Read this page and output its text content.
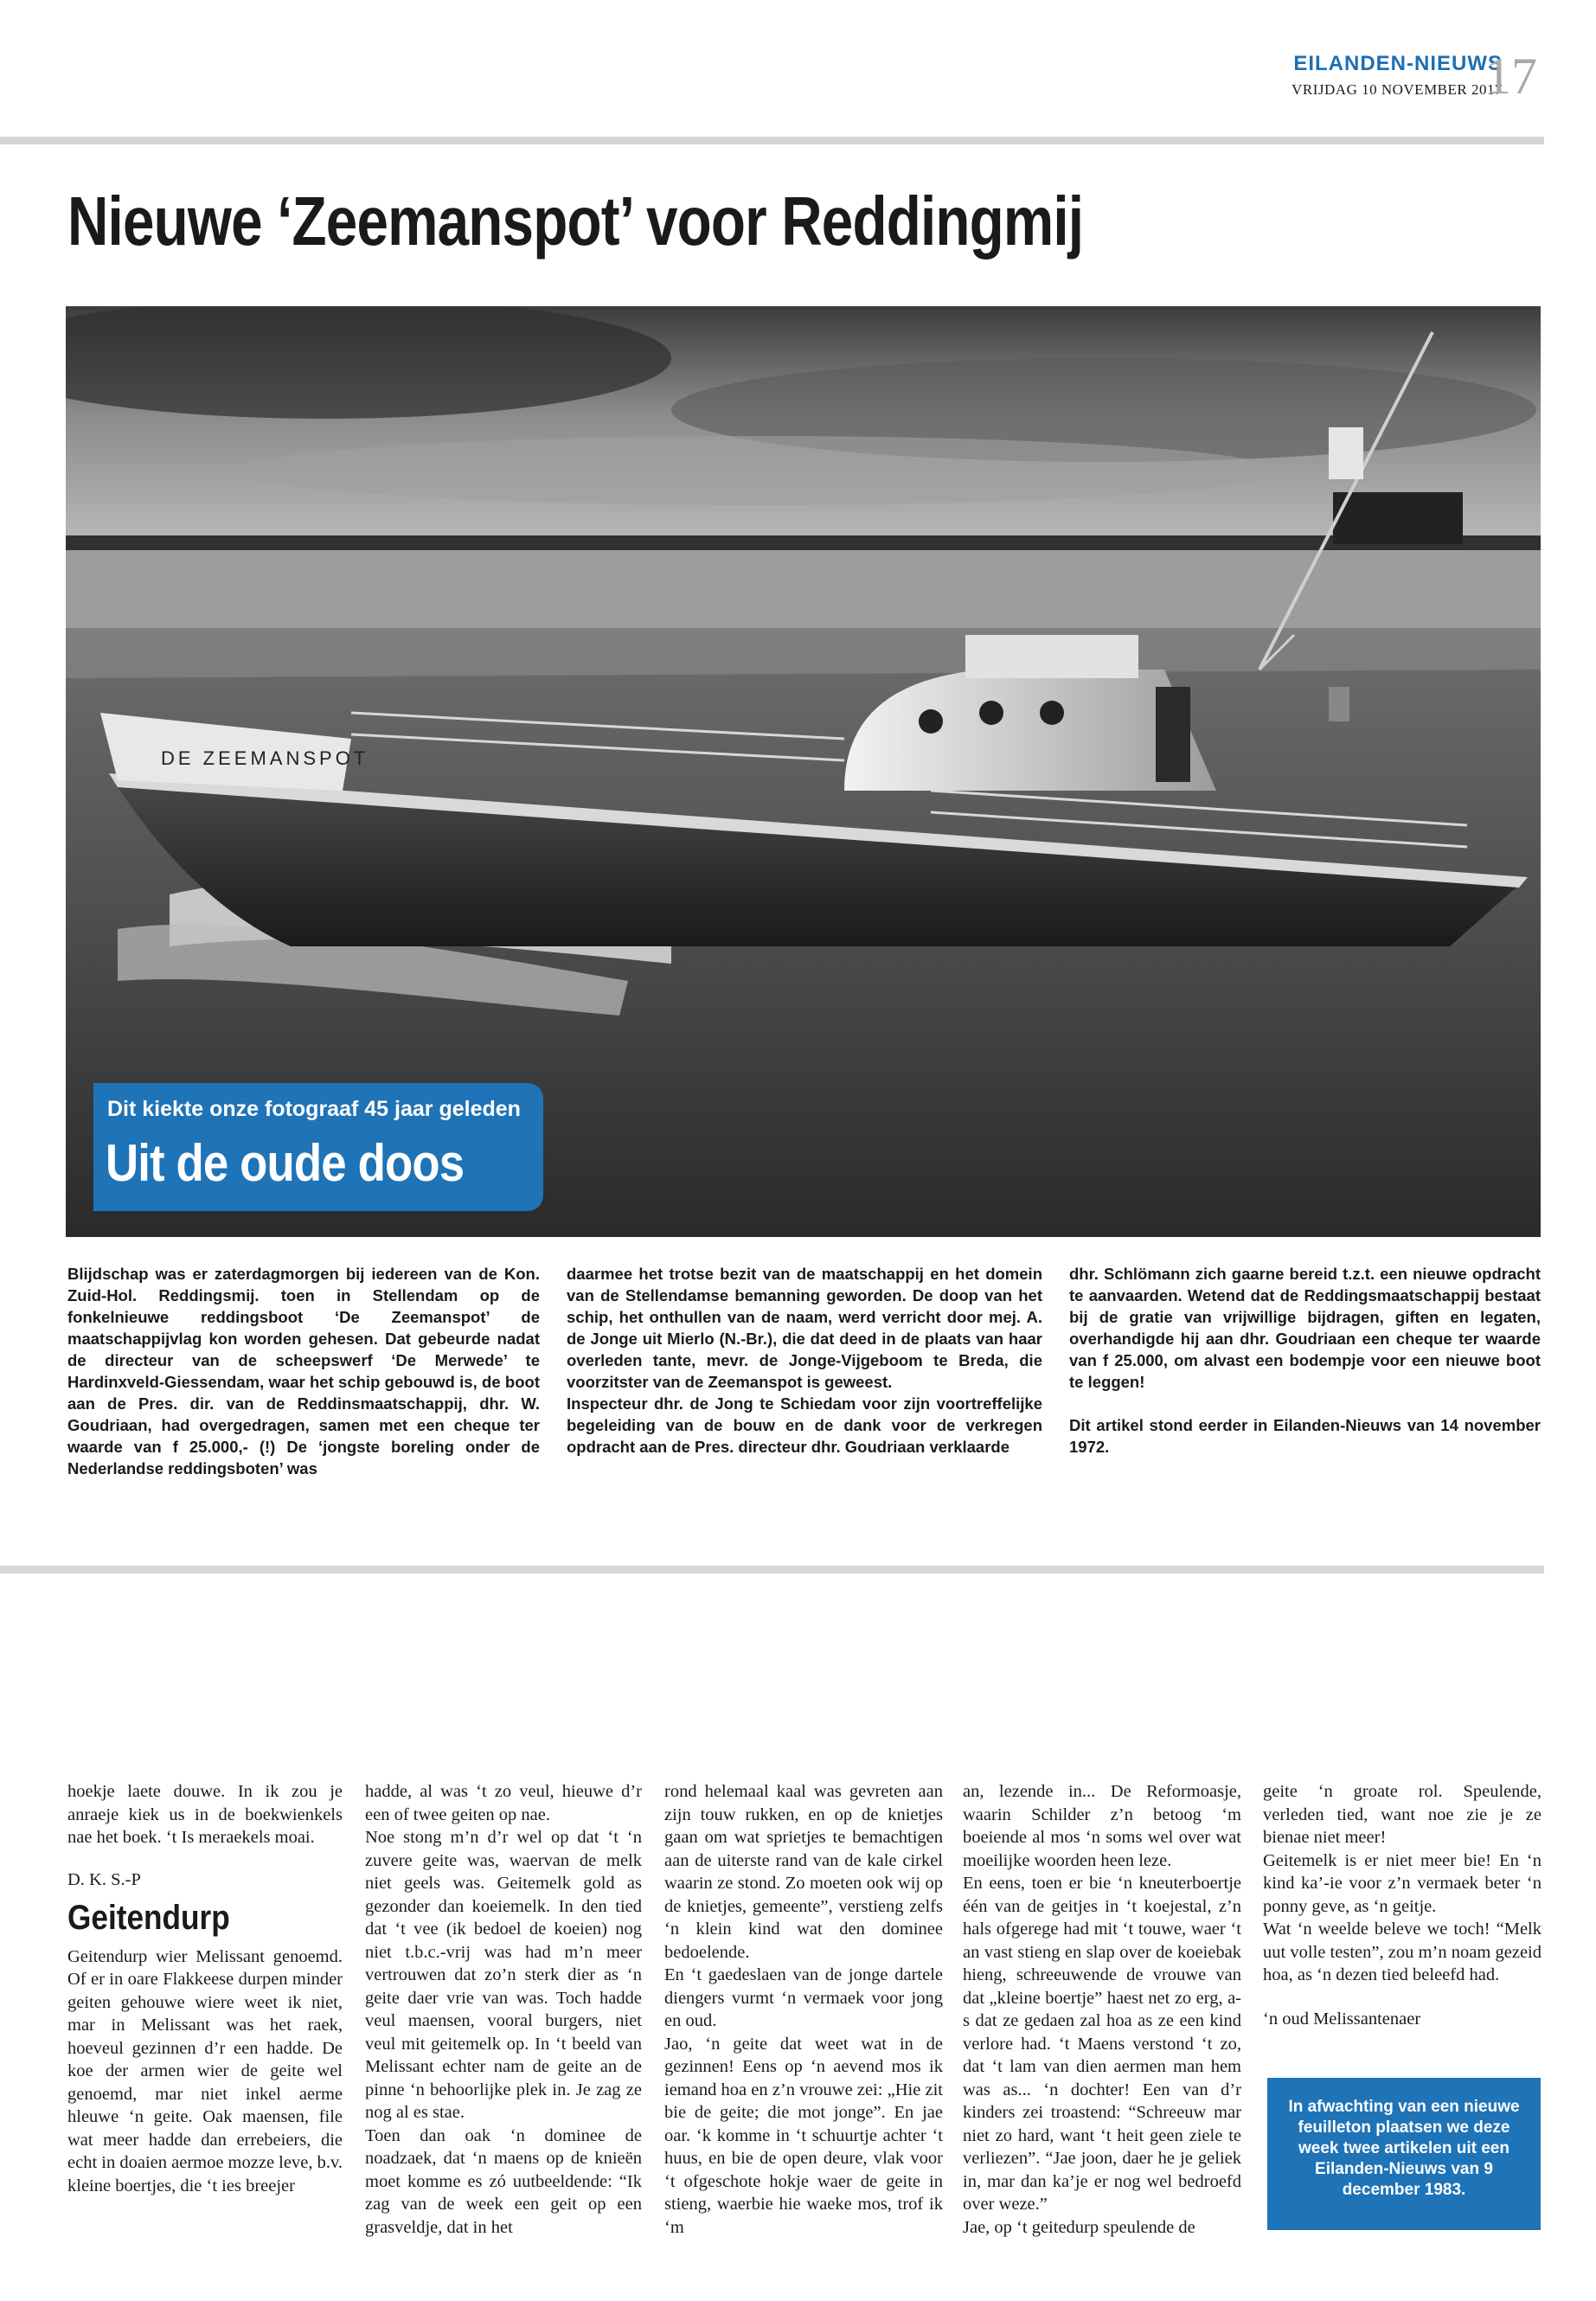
EILANDEN-NIEUWS
VRIJDAG 10 NOVEMBER 2017
17
Nieuwe ‘Zeemanspot’ voor Reddingmij
DE ZEEMANSPOT
Dit kiekte onze fotograaf 45 jaar geleden
Uit de oude doos

Blijdschap was er zaterdagmorgen bij iedereen van de Kon. Zuid-Hol. Reddingsmij. toen in Stellendam op de fonkelnieuwe reddingsboot ‘De Zeemanspot’ de maatschappijvlag kon worden gehesen. Dat gebeurde nadat de directeur van de scheepswerf ‘De Merwede’ te Hardinxveld-Giessendam, waar het schip gebouwd is, de boot aan de Pres. dir. van de Reddinsmaatschappij, dhr. W. Goudriaan, had overgedragen, samen met een cheque ter waarde van f 25.000,- (!) De ‘jongste boreling onder de Nederlandse reddingsboten’ was

daarmee het trotse bezit van de maatschappij en het domein van de Stellendamse bemanning geworden. De doop van het schip, het onthullen van de naam, werd verricht door mej. A. de Jonge uit Mierlo (N.-Br.), die dat deed in de plaats van haar overleden tante, mevr. de Jonge-Vijgeboom te Breda, die voorzitster van de Zeemanspot is geweest.

Inspecteur dhr. de Jong te Schiedam voor zijn voortreffelijke begeleiding van de bouw en de dank voor de verkregen opdracht aan de Pres. directeur dhr. Goudriaan verklaarde

dhr. Schlömann zich gaarne bereid t.z.t. een nieuwe opdracht te aanvaarden. Wetend dat de Reddingsmaatschappij bestaat bij de gratie van vrijwillige bijdragen, giften en legaten, overhandigde hij aan dhr. Goudriaan een cheque ter waarde van f 25.000, om alvast een bodempje voor een nieuwe boot te leggen!

Dit artikel stond eerder in Eilanden-Nieuws van 14 november 1972.

hoekje laete douwe. In ik zou je anraeje kiek us in de boekwienkels nae het boek. ‘t Is meraekels moai.

D. K. S.-P

Geitendurp

Geitendurp wier Melissant genoemd. Of er in oare Flakkeese durpen minder geiten gehouwe wiere weet ik niet, mar in Melissant was het raek, hoeveul gezinnen d’r een hadde. De koe der armen wier de geite wel genoemd, mar niet inkel aerme hleuwe ‘n geite. Oak maensen, file wat meer hadde dan errebeiers, die echt in doaien aermoe mozze leve, b.v. kleine boertjes, die ‘t ies breejer

hadde, al was ‘t zo veul, hieuwe d’r een of twee geiten op nae.

Noe stong m’n d’r wel op dat ‘t ‘n zuvere geite was, waervan de melk niet geels was. Geitemelk gold as gezonder dan koeiemelk. In den tied dat ‘t vee (ik bedoel de koeien) nog niet t.b.c.-vrij was had m’n meer vertrouwen dat zo’n sterk dier as ‘n geite daer vrie van was. Toch hadde veul maensen, vooral burgers, niet veul mit geitemelk op. In ‘t beeld van Melissant echter nam de geite an de pinne ‘n behoorlijke plek in. Je zag ze nog al es stae.

Toen dan oak ‘n dominee de noadzaek, dat ‘n maens op de knieën moet komme es zó uutbeeldende: “Ik zag van de week een geit op een grasveldje, dat in het

rond helemaal kaal was gevreten aan zijn touw rukken, en op de knietjes gaan om wat sprietjes te bemachtigen aan de uiterste rand van de kale cirkel waarin ze stond. Zo moeten ook wij op de knietjes, gemeente”, verstieng zelfs ‘n klein kind wat den dominee bedoelende.

En ‘t gaedeslaen van de jonge dartele diengers vurmt ‘n vermaek voor jong en oud.

Jao, ‘n geite dat weet wat in de gezinnen! Eens op ‘n aevend mos ik iemand hoa en z’n vrouwe zei: „Hie zit bie de geite; die mot jonge”. En jae oar. ‘k komme in ‘t schuurtje achter ‘t huus, en bie de open deure, vlak voor ‘t ofgeschote hokje waer de geite in stieng, waerbie hie waeke mos, trof ik ‘m

an, lezende in... De Reformoasje, waarin Schilder z’n betoog ‘m boeiende al mos ‘n soms wel over wat moeilijke woorden heen leze.

En eens, toen er bie ‘n kneuterboertje één van de geitjes in ‘t koejestal, z’n hals ofgerege had mit ‘t touwe, waer ‘t an vast stieng en slap over de koeiebak hieng, schreeuwende de vrouwe van dat „kleine boertje” haest net zo erg, a-s dat ze gedaen zal hoa as ze een kind verlore had. ‘t Maens verstond ‘t zo, dat ‘t lam van dien aermen man hem was as... ‘n dochter! Een van d’r kinders zei troastend: “Schreeuw mar niet zo hard, want ‘t heit geen ziele te verliezen”. “Jae joon, daer he je geliek in, mar dan ka’je er nog wel bedroefd over weze.”

Jae, op ‘t geitedurp speulende de

geite ‘n groate rol. Speulende, verleden tied, want noe zie je ze bienae niet meer!

Geitemelk is er niet meer bie! En ‘n kind ka’-ie voor z’n vermaek beter ‘n ponny geve, as ‘n geitje.

Wat ‘n weelde beleve we toch! “Melk uut volle testen”, zou m’n noam gezeid hoa, as ‘n dezen tied beleefd had.

‘n oud Melissantenaer

In afwachting van een nieuwe feuilleton plaatsen we deze week twee artikelen uit een Eilanden-Nieuws van 9 december 1983.
